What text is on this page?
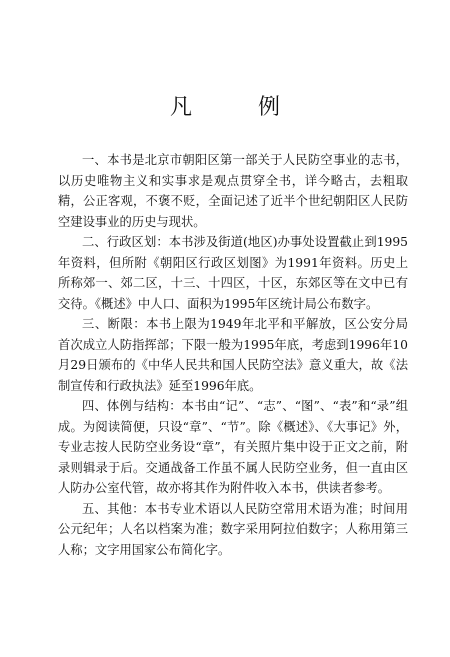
凡　例

一、本书是北京市朝阳区第一部关于人民防空事业的志书，以历史唯物主义和实事求是观点贯穿全书，详今略古，去粗取精，公正客观，不褒不贬，全面记述了近半个世纪朝阳区人民防空建设事业的历史与现状。

二、行政区划：本书涉及街道(地区)办事处设置截止到1995年资料，但所附《朝阳区行政区划图》为1991年资料。历史上所称郊一、郊二区，十三、十四区，十区，东郊区等在文中已有交待。《概述》中人口、面积为1995年区统计局公布数字。

三、断限：本书上限为1949年北平和平解放，区公安分局首次成立人防指挥部；下限一般为1995年底，考虑到1996年10月29日颁布的《中华人民共和国人民防空法》意义重大，故《法制宣传和行政执法》延至1996年底。

四、体例与结构：本书由“记”、“志”、“图”、“表”和“录”组成。为阅读简便，只设“章”、“节”。除《概述》、《大事记》外，专业志按人民防空业务设“章”，有关照片集中设于正文之前，附录则辑录于后。交通战备工作虽不属人民防空业务，但一直由区人防办公室代管，故亦将其作为附件收入本书，供读者参考。

五、其他：本书专业术语以人民防空常用术语为准；时间用公元纪年；人名以档案为准；数字采用阿拉伯数字；人称用第三人称；文字用国家公布简化字。
